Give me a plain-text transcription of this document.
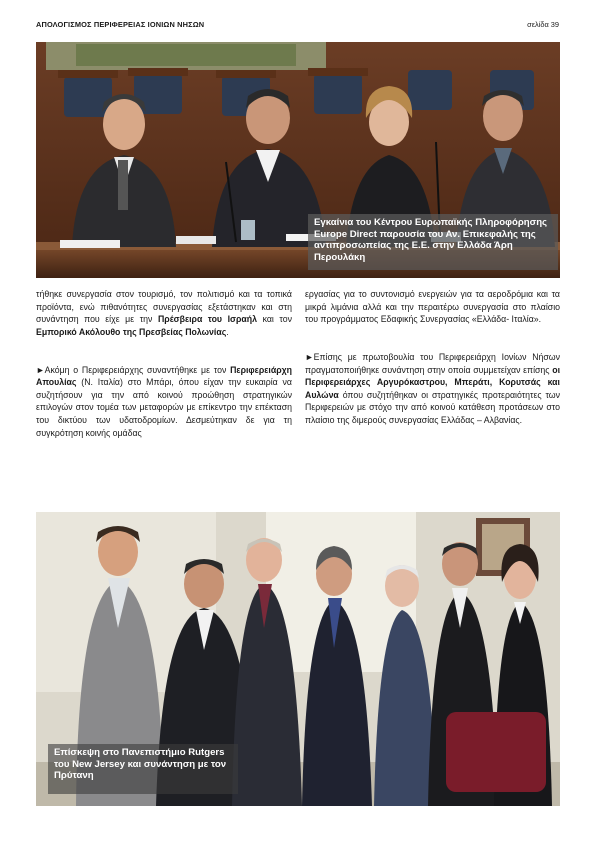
ΑΠΟΛΟΓΙΣΜΟΣ ΠΕΡΙΦΕΡΕΙΑΣ ΙΟΝΙΩΝ ΝΗΣΩΝ	σελίδα 39
Εγκαίνια του Κέντρου Ευρωπαϊκής Πληροφόρησης Europe Direct παρουσία του Αν. Επικεφαλής της αντιπροσωπείας της Ε.Ε. στην Ελλάδα Άρη Περουλάκη

τήθηκε συνεργασία στον τουρισμό, τον πολιτισμό και τα τοπικά προϊόντα, ενώ πιθανότητες συνεργασίας εξετάστηκαν και στη συνάντηση που είχε με την Πρέσβειρα του Ισραήλ και τον Εμπορικό Ακόλουθο της Πρεσβείας Πολωνίας.

►Ακόμη ο Περιφερειάρχης συναντήθηκε με τον Περιφερειάρχη Απουλίας (Ν. Ιταλία) στο Μπάρι, όπου είχαν την ευκαιρία να συζητήσουν για την από κοινού προώθηση στρατηγικών επιλογών στον τομέα των μεταφορών με επίκεντρο την επέκταση του δικτύου των υδατοδρομίων. Δεσμεύτηκαν δε για τη συγκρότηση κοινής ομάδας

εργασίας για το συντονισμό ενεργειών για τα αεροδρόμια και τα μικρά λιμάνια αλλά και την περαιτέρω συνεργασία στο πλαίσιο του προγράμματος Εδαφικής Συνεργασίας «Ελλάδα- Ιταλία».

►Επίσης με πρωτοβουλία του Περιφερειάρχη Ιονίων Νήσων πραγματοποιήθηκε συνάντηση στην οποία συμμετείχαν επίσης οι Περιφερειάρχες Αργυρόκαστρου, Μπεράτι, Κορυτσάς και Αυλώνα όπου συζητήθηκαν οι στρατηγικές προτεραιότητες των Περιφερειών με στόχο την από κοινού κατάθεση προτάσεων στο πλαίσιο της διμερούς συνεργασίας Ελλάδας – Αλβανίας.

Επίσκεψη στο Πανεπιστήμιο Rutgers του New Jersey και συνάντηση με τον Πρύτανη
